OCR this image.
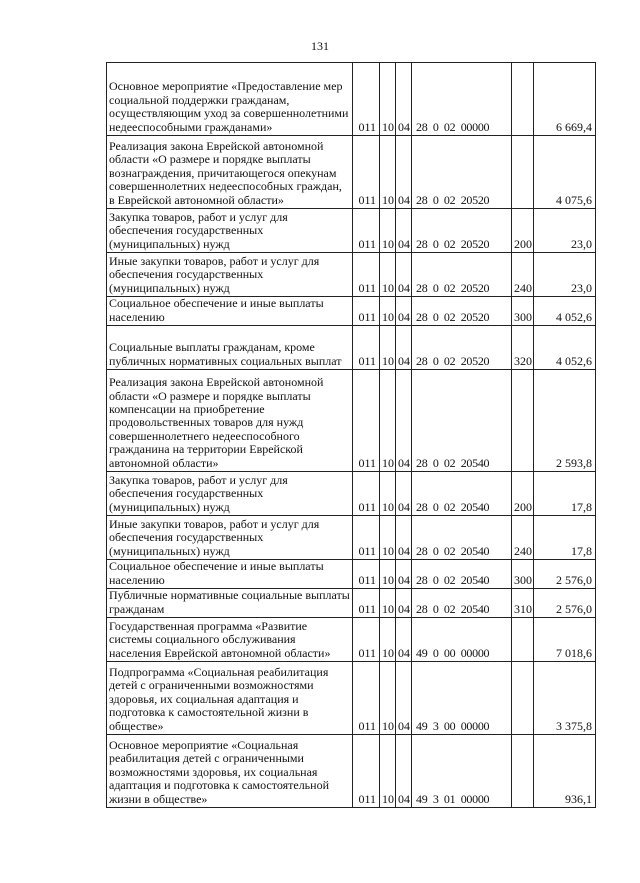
131
Основное мероприятие «Предоставление мер социальной поддержки гражданам, осуществляющим уход за совершеннолетними недееспособными гражданами»	011	10	04	28 0 02 00000		6 669,4
Реализация закона Еврейской автономной области «О размере и порядке выплаты вознаграждения, причитающегося опекунам совершеннолетних недееспособных граждан, в Еврейской автономной области»	011	10	04	28 0 02 20520		4 075,6
Закупка товаров, работ и услуг для обеспечения государственных (муниципальных) нужд	011	10	04	28 0 02 20520	200	23,0
Иные закупки товаров, работ и услуг для обеспечения государственных (муниципальных) нужд	011	10	04	28 0 02 20520	240	23,0
Социальное обеспечение и иные выплаты населению	011	10	04	28 0 02 20520	300	4 052,6
Социальные выплаты гражданам, кроме публичных нормативных социальных выплат	011	10	04	28 0 02 20520	320	4 052,6
Реализация закона Еврейской автономной области «О размере и порядке выплаты компенсации на приобретение продовольственных товаров для нужд совершеннолетнего недееспособного гражданина на территории Еврейской автономной области»	011	10	04	28 0 02 20540		2 593,8
Закупка товаров, работ и услуг для обеспечения государственных (муниципальных) нужд	011	10	04	28 0 02 20540	200	17,8
Иные закупки товаров, работ и услуг для обеспечения государственных (муниципальных) нужд	011	10	04	28 0 02 20540	240	17,8
Социальное обеспечение и иные выплаты населению	011	10	04	28 0 02 20540	300	2 576,0
Публичные нормативные социальные выплаты гражданам	011	10	04	28 0 02 20540	310	2 576,0
Государственная программа «Развитие системы социального обслуживания населения Еврейской автономной области»	011	10	04	49 0 00 00000		7 018,6
Подпрограмма «Социальная реабилитация детей с ограниченными возможностями здоровья, их социальная адаптация и подготовка к самостоятельной жизни в обществе»	011	10	04	49 3 00 00000		3 375,8
Основное мероприятие «Социальная реабилитация детей с ограниченными возможностями здоровья, их социальная адаптация и подготовка к самостоятельной жизни в обществе»	011	10	04	49 3 01 00000		936,1
